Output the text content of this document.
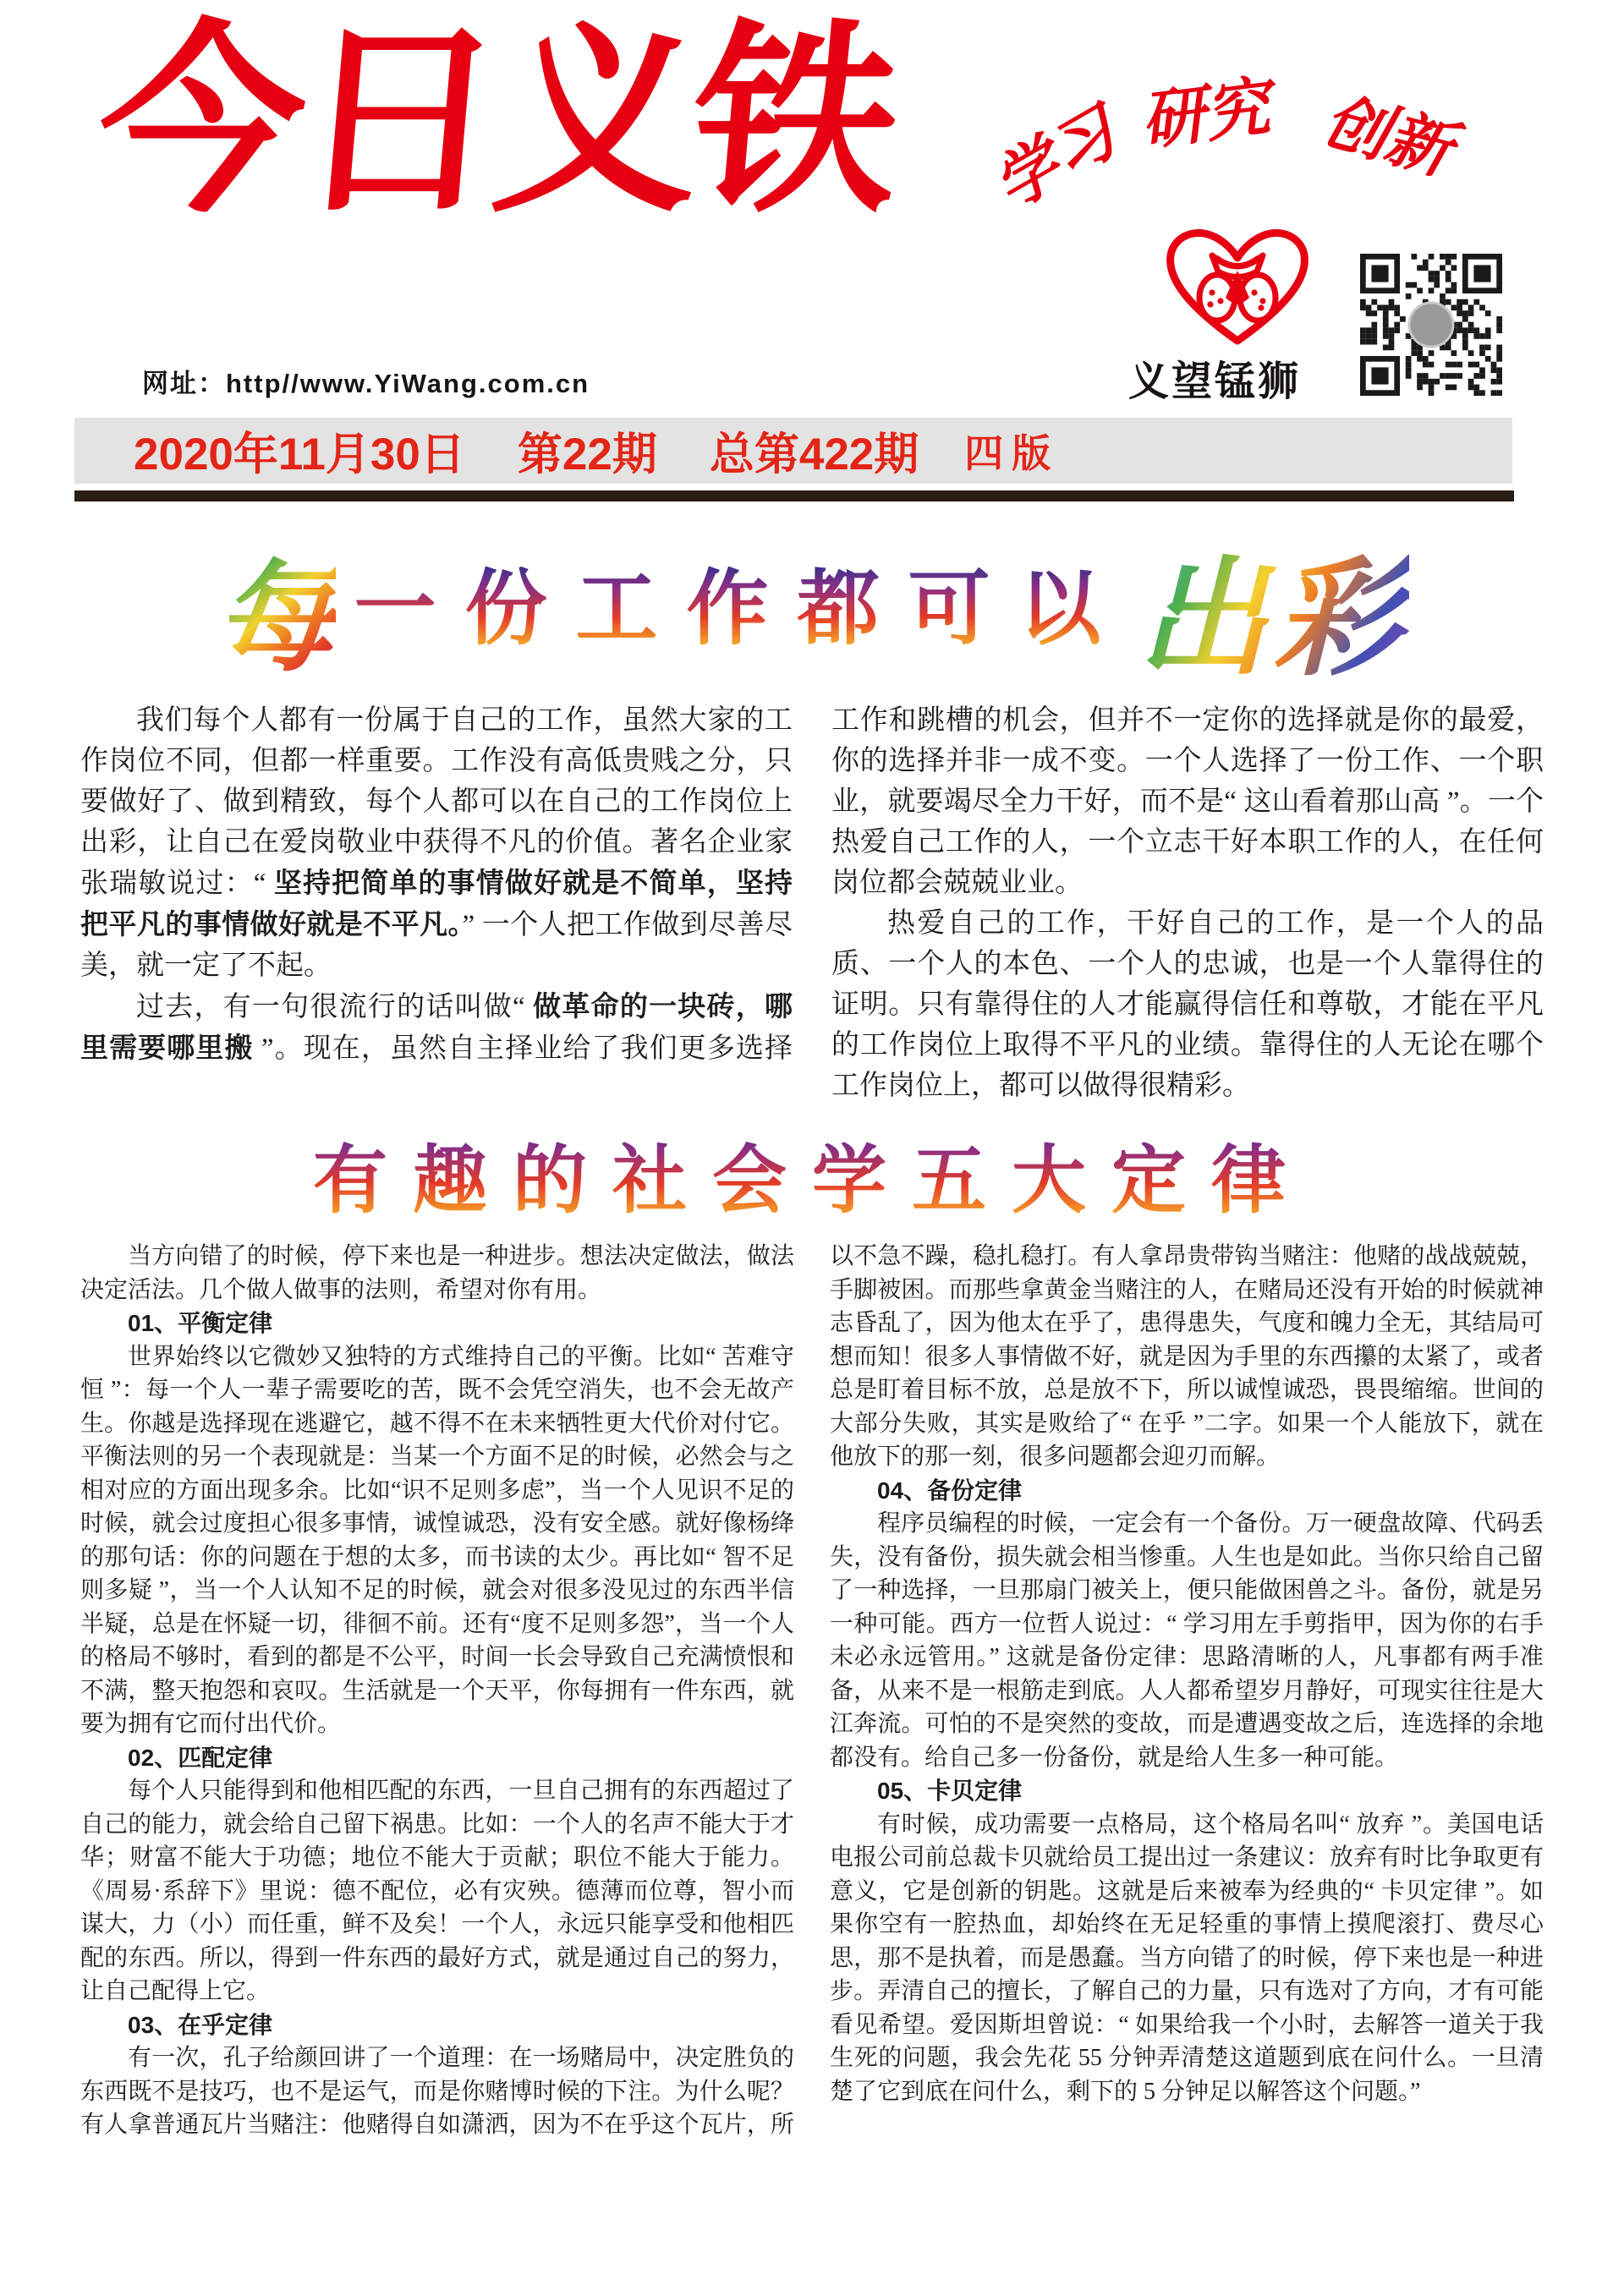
今日义铁
网址：http//www.YiWang.com.cn
学习 研究 创新
义望锰狮
2020年11月30日 第22期 总第422期 四版
每 一份工作都可以 出彩

我们每个人都有一份属于自己的工作，虽然大家的工作岗位不同，但都一样重要。工作没有高低贵贱之分，只要做好了、做到精致，每个人都可以在自己的工作岗位上出彩，让自己在爱岗敬业中获得不凡的价值。著名企业家张瑞敏说过：“ 坚持把简单的事情做好就是不简单，坚持把平凡的事情做好就是不平凡。” 一个人把工作做到尽善尽美，就一定了不起。

过去，有一句很流行的话叫做“ 做革命的一块砖，哪里需要哪里搬 ”。现在，虽然自主择业给了我们更多选择工作和跳槽的机会，但并不一定你的选择就是你的最爱，你的选择并非一成不变。一个人选择了一份工作、一个职业，就要竭尽全力干好，而不是“ 这山看着那山高 ”。一个热爱自己工作的人，一个立志干好本职工作的人，在任何岗位都会兢兢业业。

热爱自己的工作，干好自己的工作，是一个人的品质、一个人的本色、一个人的忠诚，也是一个人靠得住的证明。只有靠得住的人才能赢得信任和尊敬，才能在平凡的工作岗位上取得不平凡的业绩。靠得住的人无论在哪个工作岗位上，都可以做得很精彩。

有趣的社会学五大定律

当方向错了的时候，停下来也是一种进步。想法决定做法，做法决定活法。几个做人做事的法则，希望对你有用。

01、平衡定律

世界始终以它微妙又独特的方式维持自己的平衡。比如“ 苦难守恒 ”：每一个人一辈子需要吃的苦，既不会凭空消失，也不会无故产生。你越是选择现在逃避它，越不得不在未来牺牲更大代价对付它。平衡法则的另一个表现就是：当某一个方面不足的时候，必然会与之相对应的方面出现多余。比如“识不足则多虑”，当一个人见识不足的时候，就会过度担心很多事情，诚惶诚恐，没有安全感。就好像杨绛的那句话：你的问题在于想的太多，而书读的太少。再比如“ 智不足则多疑 ”，当一个人认知不足的时候，就会对很多没见过的东西半信半疑，总是在怀疑一切，徘徊不前。还有“度不足则多怨”，当一个人的格局不够时，看到的都是不公平，时间一长会导致自己充满愤恨和不满，整天抱怨和哀叹。生活就是一个天平，你每拥有一件东西，就要为拥有它而付出代价。

02、匹配定律

每个人只能得到和他相匹配的东西，一旦自己拥有的东西超过了自己的能力，就会给自己留下祸患。比如：一个人的名声不能大于才华；财富不能大于功德；地位不能大于贡献；职位不能大于能力。《周易·系辞下》里说：德不配位，必有灾殃。德薄而位尊，智小而谋大，力（小）而任重，鲜不及矣！一个人，永远只能享受和他相匹配的东西。所以，得到一件东西的最好方式，就是通过自己的努力，让自己配得上它。

03、在乎定律

有一次，孔子给颜回讲了一个道理：在一场赌局中，决定胜负的东西既不是技巧，也不是运气，而是你赌博时候的下注。为什么呢？有人拿普通瓦片当赌注：他赌得自如潇洒，因为不在乎这个瓦片，所以不急不躁，稳扎稳打。有人拿昂贵带钩当赌注：他赌的战战兢兢，手脚被困。而那些拿黄金当赌注的人，在赌局还没有开始的时候就神志昏乱了，因为他太在乎了，患得患失，气度和魄力全无，其结局可想而知！很多人事情做不好，就是因为手里的东西攥的太紧了，或者总是盯着目标不放，总是放不下，所以诚惶诚恐，畏畏缩缩。世间的大部分失败，其实是败给了“ 在乎 ”二字。如果一个人能放下，就在他放下的那一刻，很多问题都会迎刃而解。

04、备份定律

程序员编程的时候，一定会有一个备份。万一硬盘故障、代码丢失，没有备份，损失就会相当惨重。人生也是如此。当你只给自己留了一种选择，一旦那扇门被关上，便只能做困兽之斗。备份，就是另一种可能。西方一位哲人说过：“ 学习用左手剪指甲，因为你的右手未必永远管用。” 这就是备份定律：思路清晰的人，凡事都有两手准备，从来不是一根筋走到底。人人都希望岁月静好，可现实往往是大江奔流。可怕的不是突然的变故，而是遭遇变故之后，连选择的余地都没有。给自己多一份备份，就是给人生多一种可能。

05、卡贝定律

有时候，成功需要一点格局，这个格局名叫“ 放弃 ”。美国电话电报公司前总裁卡贝就给员工提出过一条建议：放弃有时比争取更有意义，它是创新的钥匙。这就是后来被奉为经典的“ 卡贝定律 ”。如果你空有一腔热血，却始终在无足轻重的事情上摸爬滚打、费尽心思，那不是执着，而是愚蠢。当方向错了的时候，停下来也是一种进步。弄清自己的擅长，了解自己的力量，只有选对了方向，才有可能看见希望。爱因斯坦曾说：“ 如果给我一个小时，去解答一道关于我生死的问题，我会先花 55 分钟弄清楚这道题到底在问什么。一旦清楚了它到底在问什么，剩下的 5 分钟足以解答这个问题。”
